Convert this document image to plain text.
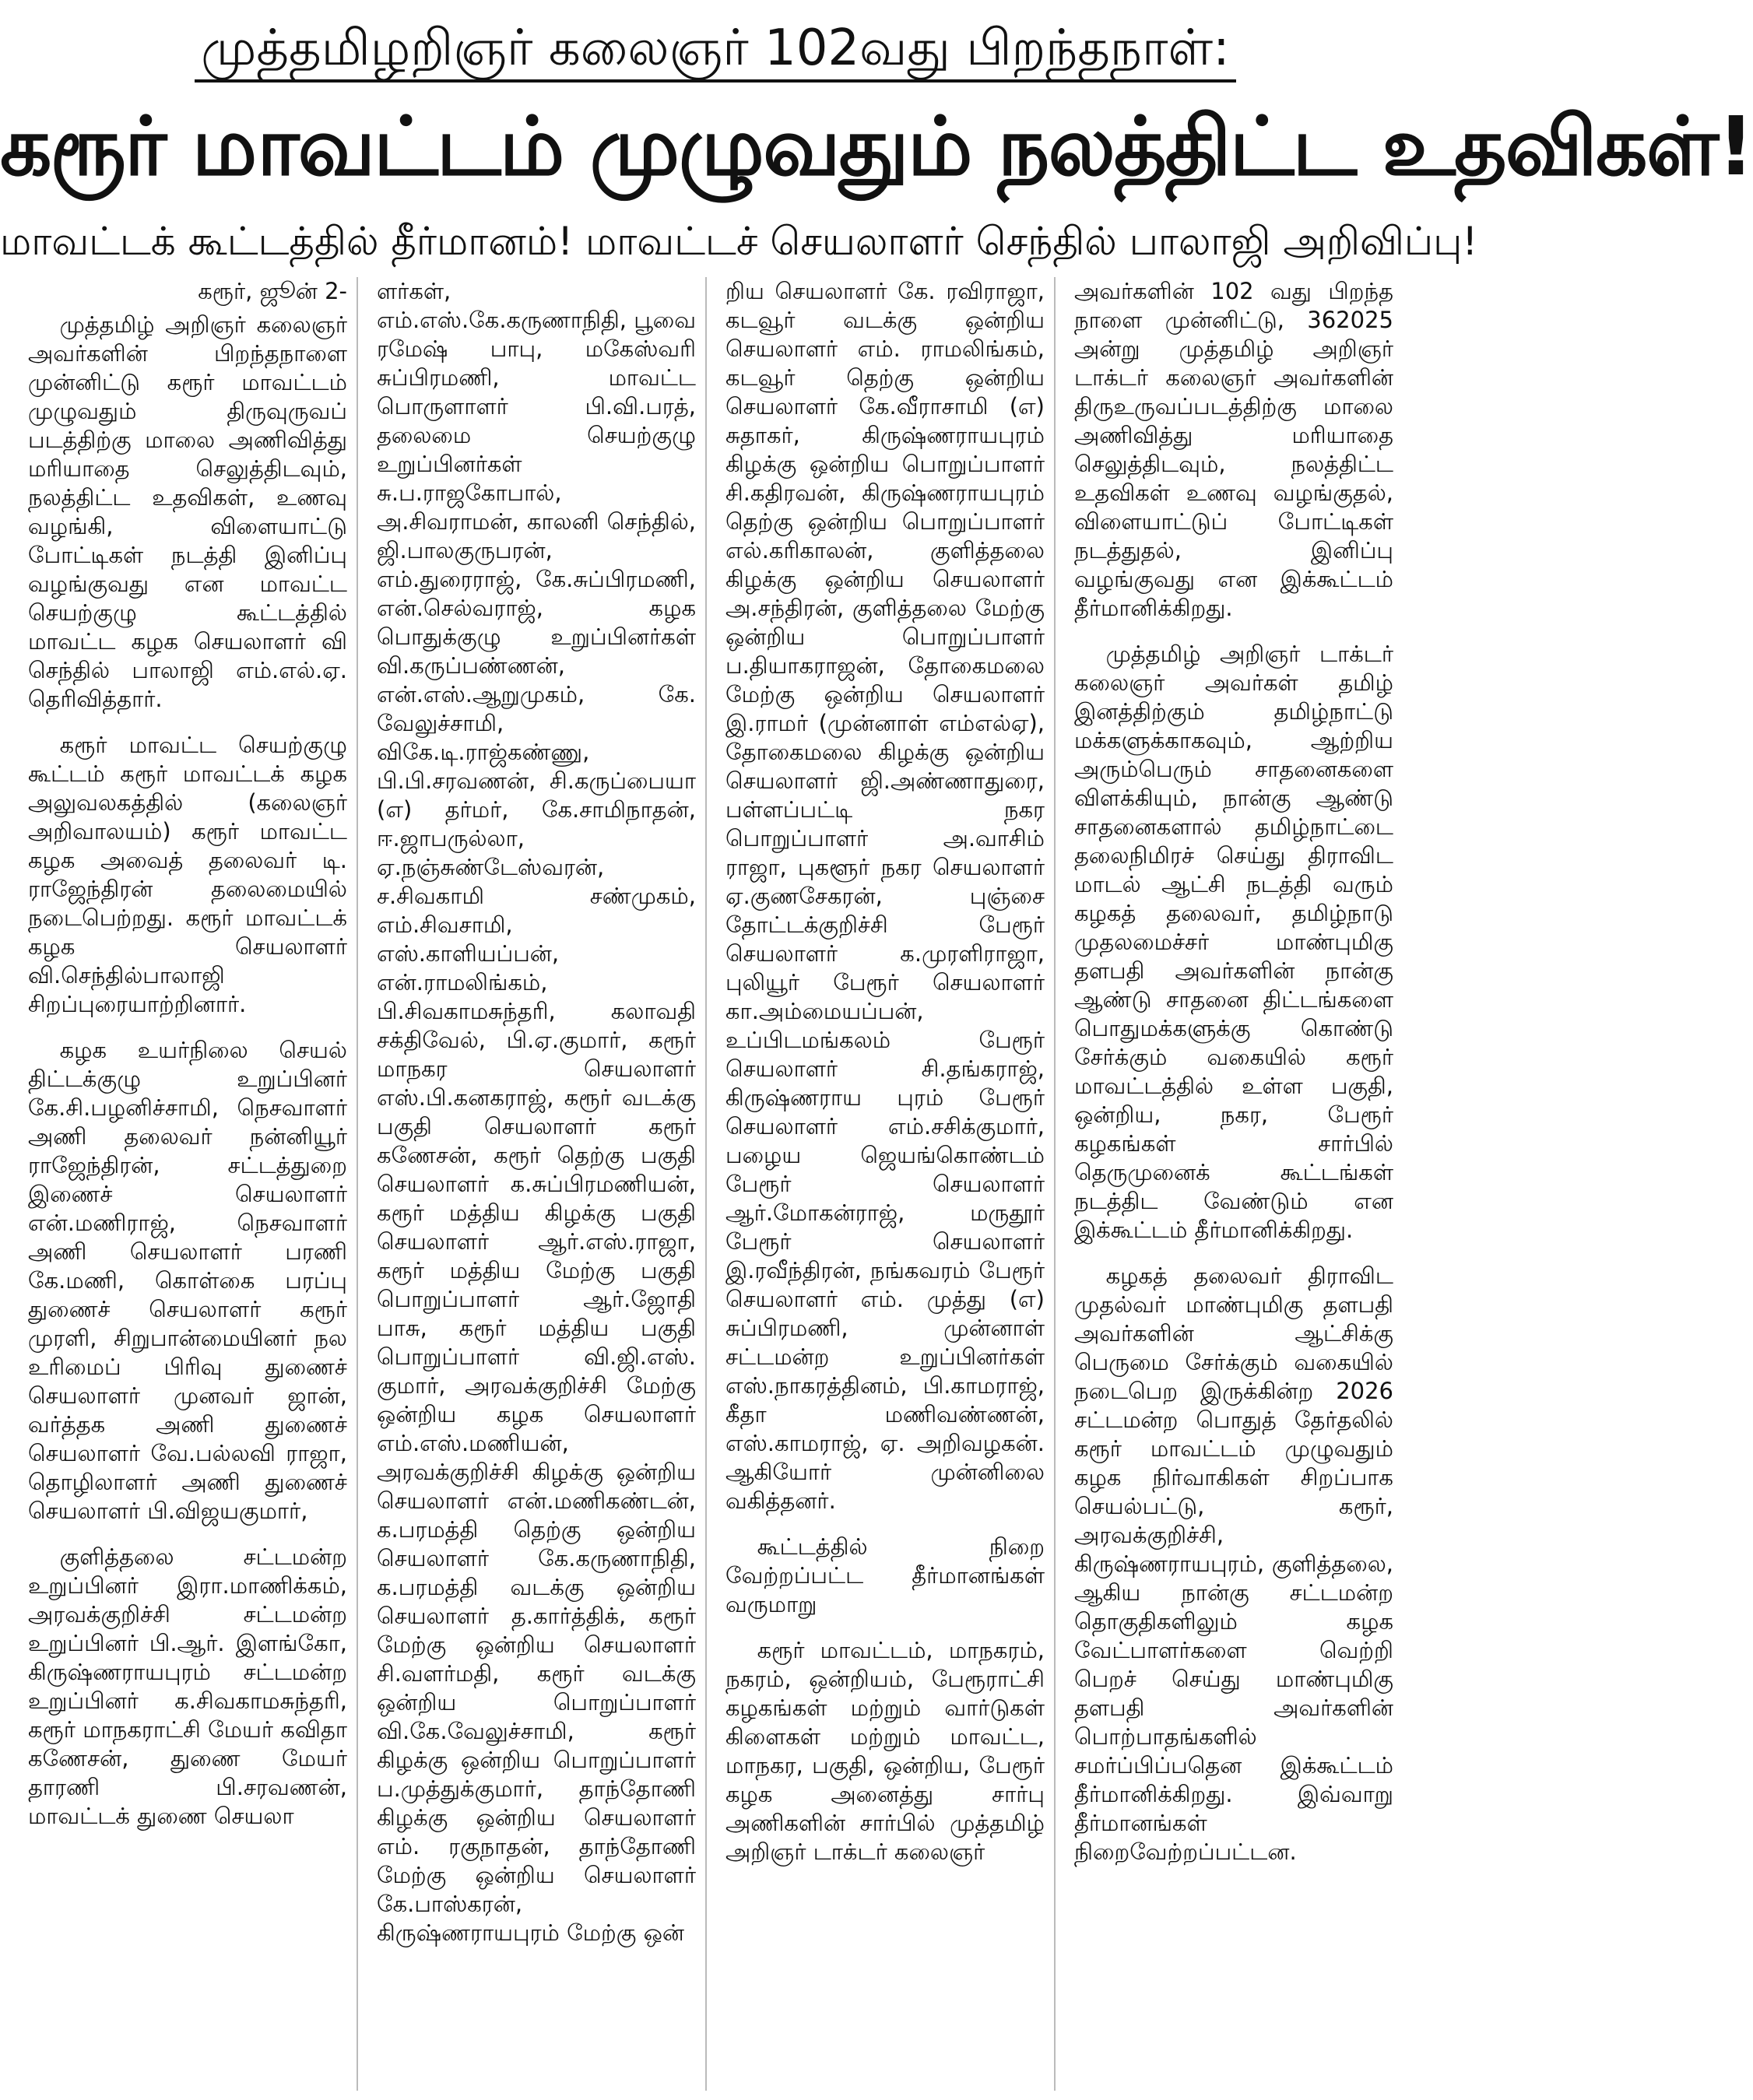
முத்தமிழறிஞர் கலைஞர் 102வது பிறந்தநாள்:
கரூர் மாவட்டம் முழுவதும் நலத்திட்ட உதவிகள்!
மாவட்டக் கூட்டத்தில் தீர்மானம்! மாவட்டச் செயலாளர் செந்தில் பாலாஜி அறிவிப்பு!

கரூர், ஜூன் 2-

முத்தமிழ் அறிஞர் கலைஞர் அவர்களின் பிறந்தநாளை முன்னிட்டு கரூர் மாவட்டம் முழுவதும் திருவுருவப் படத்திற்கு மாலை அணிவித்து மரியாதை செலுத்திடவும், நலத்திட்ட உதவிகள், உணவு வழங்கி, விளையாட்டு போட்டிகள் நடத்தி இனிப்பு வழங்குவது என மாவட்ட செயற்குழு கூட்டத்தில் மாவட்ட கழக செயலாளர் வி செந்தில் பாலாஜி எம்.எல்.ஏ. தெரிவித்தார்.

கரூர் மாவட்ட செயற்குழு கூட்டம் கரூர் மாவட்டக் கழக அலுவலகத்தில் (கலைஞர் அறிவாலயம்) கரூர் மாவட்ட கழக அவைத் தலைவர் டி. ராஜேந்திரன் தலைமையில் நடைபெற்றது. கரூர் மாவட்டக் கழக செயலாளர் வி.செந்தில்பாலாஜி சிறப்புரையாற்றினார்.

கழக உயர்நிலை செயல் திட்டக்குழு உறுப்பினர் கே.சி.பழனிச்சாமி, நெசவாளர் அணி தலைவர் நன்னியூர் ராஜேந்திரன், சட்டத்துறை இணைச் செயலாளர் என்.மணிராஜ், நெசவாளர் அணி செயலாளர் பரணி கே.மணி, கொள்கை பரப்பு துணைச் செயலாளர் கரூர் முரளி, சிறுபான்மையினர் நல உரிமைப் பிரிவு துணைச் செயலாளர் முனவர் ஜான், வர்த்தக அணி துணைச் செயலாளர் வே.பல்லவி ராஜா, தொழிலாளர் அணி துணைச் செயலாளர் பி.விஜயகுமார்,

குளித்தலை சட்டமன்ற உறுப்பினர் இரா.மாணிக்கம், அரவக்குறிச்சி சட்டமன்ற உறுப்பினர் பி.ஆர். இளங்கோ, கிருஷ்ணராயபுரம் சட்டமன்ற உறுப்பினர் க.சிவகாமசுந்தரி, கரூர் மாநகராட்சி மேயர் கவிதா கணேசன், துணை மேயர் தாரணி பி.சரவணன், மாவட்டக் துணை செயலா

ளர்கள், எம்.எஸ்.கே.கருணாநிதி, பூவை ரமேஷ் பாபு, மகேஸ்வரி சுப்பிரமணி, மாவட்ட பொருளாளர் பி.வி.பரத், தலைமை செயற்குழு உறுப்பினர்கள் சு.ப.ராஜகோபால், அ.சிவராமன், காலனி செந்தில், ஜி.பாலகுருபரன், எம்.துரைராஜ், கே.சுப்பிரமணி, என்.செல்வராஜ், கழக பொதுக்குழு உறுப்பினர்கள் வி.கருப்பண்ணன், என்.எஸ்.ஆறுமுகம், கே. வேலுச்சாமி, விகே.டி.ராஜ்கண்ணு, பி.பி.சரவணன், சி.கருப்பையா (எ) தர்மர், கே.சாமிநாதன், ஈ.ஜாபருல்லா, ஏ.நஞ்சுண்டேஸ்வரன், ச.சிவகாமி சண்முகம், எம்.சிவசாமி, எஸ்.காளியப்பன், என்.ராமலிங்கம், பி.சிவகாமசுந்தரி, கலாவதி சக்திவேல், பி.ஏ.குமார், கரூர் மாநகர செயலாளர் எஸ்.பி.கனகராஜ், கரூர் வடக்கு பகுதி செயலாளர் கரூர் கணேசன், கரூர் தெற்கு பகுதி செயலாளர் க.சுப்பிரமணியன், கரூர் மத்திய கிழக்கு பகுதி செயலாளர் ஆர்.எஸ்.ராஜா, கரூர் மத்திய மேற்கு பகுதி பொறுப்பாளர் ஆர்.ஜோதி பாசு, கரூர் மத்திய பகுதி பொறுப்பாளர் வி.ஜி.எஸ். குமார், அரவக்குறிச்சி மேற்கு ஒன்றிய கழக செயலாளர் எம்.எஸ்.மணியன், அரவக்குறிச்சி கிழக்கு ஒன்றிய செயலாளர் என்.மணிகண்டன், க.பரமத்தி தெற்கு ஒன்றிய செயலாளர் கே.கருணாநிதி, க.பரமத்தி வடக்கு ஒன்றிய செயலாளர் த.கார்த்திக், கரூர் மேற்கு ஒன்றிய செயலாளர் சி.வளர்மதி, கரூர் வடக்கு ஒன்றிய பொறுப்பாளர் வி.கே.வேலுச்சாமி, கரூர் கிழக்கு ஒன்றிய பொறுப்பாளர் ப.முத்துக்குமார், தாந்தோணி கிழக்கு ஒன்றிய செயலாளர் எம். ரகுநாதன், தாந்தோணி மேற்கு ஒன்றிய செயலாளர் கே.பாஸ்கரன், கிருஷ்ணராயபுரம் மேற்கு ஒன்

றிய செயலாளர் கே. ரவிராஜா, கடவூர் வடக்கு ஒன்றிய செயலாளர் எம். ராமலிங்கம், கடவூர் தெற்கு ஒன்றிய செயலாளர் கே.வீராசாமி (எ) சுதாகர், கிருஷ்ணராயபுரம் கிழக்கு ஒன்றிய பொறுப்பாளர் சி.கதிரவன், கிருஷ்ணராயபுரம் தெற்கு ஒன்றிய பொறுப்பாளர் எல்.கரிகாலன், குளித்தலை கிழக்கு ஒன்றிய செயலாளர் அ.சந்திரன், குளித்தலை மேற்கு ஒன்றிய பொறுப்பாளர் ப.தியாகராஜன், தோகைமலை மேற்கு ஒன்றிய செயலாளர் இ.ராமர் (முன்னாள் எம்எல்ஏ), தோகைமலை கிழக்கு ஒன்றிய செயலாளர் ஜி.அண்ணாதுரை, பள்ளப்பட்டி நகர பொறுப்பாளர் அ.வாசிம் ராஜா, புகளூர் நகர செயலாளர் ஏ.குணசேகரன், புஞ்சை தோட்டக்குறிச்சி பேரூர் செயலாளர் க.முரளிராஜா, புலியூர் பேரூர் செயலாளர் கா.அம்மையப்பன், உப்பிடமங்கலம் பேரூர் செயலாளர் சி.தங்கராஜ், கிருஷ்ணராய புரம் பேரூர் செயலாளர் எம்.சசிக்குமார், பழைய ஜெயங்கொண்டம் பேரூர் செயலாளர் ஆர்.மோகன்ராஜ், மருதூர் பேரூர் செயலாளர் இ.ரவீந்திரன், நங்கவரம் பேரூர் செயலாளர் எம். முத்து (எ) சுப்பிரமணி, முன்னாள் சட்டமன்ற உறுப்பினர்கள் எஸ்.நாகரத்தினம், பி.காமராஜ், கீதா மணிவண்ணன், எஸ்.காமராஜ், ஏ. அறிவழகன். ஆகியோர் முன்னிலை வகித்தனர்.

கூட்டத்தில் நிறை வேற்றப்பட்ட தீர்மானங்கள் வருமாறு

கரூர் மாவட்டம், மாநகரம், நகரம், ஒன்றியம், பேரூராட்சி கழகங்கள் மற்றும் வார்டுகள் கிளைகள் மற்றும் மாவட்ட, மாநகர, பகுதி, ஒன்றிய, பேரூர் கழக அனைத்து சார்பு அணிகளின் சார்பில் முத்தமிழ் அறிஞர் டாக்டர் கலைஞர்

அவர்களின் 102 வது பிறந்த நாளை முன்னிட்டு, 362025 அன்று முத்தமிழ் அறிஞர் டாக்டர் கலைஞர் அவர்களின் திருஉருவப்படத்திற்கு மாலை அணிவித்து மரியாதை செலுத்திடவும், நலத்திட்ட உதவிகள் உணவு வழங்குதல், விளையாட்டுப் போட்டிகள் நடத்துதல், இனிப்பு வழங்குவது என இக்கூட்டம் தீர்மானிக்கிறது.

முத்தமிழ் அறிஞர் டாக்டர் கலைஞர் அவர்கள் தமிழ் இனத்திற்கும் தமிழ்நாட்டு மக்களுக்காகவும், ஆற்றிய அரும்பெரும் சாதனைகளை விளக்கியும், நான்கு ஆண்டு சாதனைகளால் தமிழ்நாட்டை தலைநிமிரச் செய்து திராவிட மாடல் ஆட்சி நடத்தி வரும் கழகத் தலைவர், தமிழ்நாடு முதலமைச்சர் மாண்புமிகு தளபதி அவர்களின் நான்கு ஆண்டு சாதனை திட்டங்களை பொதுமக்களுக்கு கொண்டு சேர்க்கும் வகையில் கரூர் மாவட்டத்தில் உள்ள பகுதி, ஒன்றிய, நகர, பேரூர் கழகங்கள் சார்பில் தெருமுனைக் கூட்டங்கள் நடத்திட வேண்டும் என இக்கூட்டம் தீர்மானிக்கிறது.

கழகத் தலைவர் திராவிட முதல்வர் மாண்புமிகு தளபதி அவர்களின் ஆட்சிக்கு பெருமை சேர்க்கும் வகையில் நடைபெற இருக்கின்ற 2026 சட்டமன்ற பொதுத் தேர்தலில் கரூர் மாவட்டம் முழுவதும் கழக நிர்வாகிகள் சிறப்பாக செயல்பட்டு, கரூர், அரவக்குறிச்சி, கிருஷ்ணராயபுரம், குளித்தலை, ஆகிய நான்கு சட்டமன்ற தொகுதிகளிலும் கழக வேட்பாளர்களை வெற்றி பெறச் செய்து மாண்புமிகு தளபதி அவர்களின் பொற்பாதங்களில் சமர்ப்பிப்பதென இக்கூட்டம் தீர்மானிக்கிறது. இவ்வாறு தீர்மானங்கள் நிறைவேற்றப்பட்டன.
